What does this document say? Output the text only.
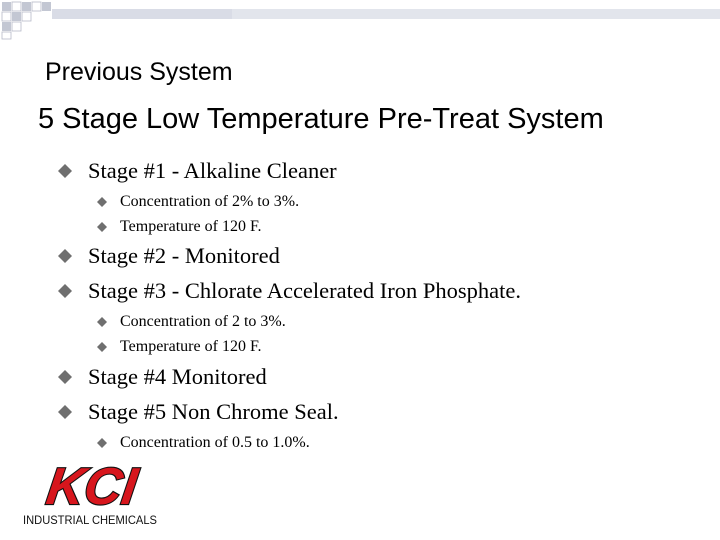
Previous System
5 Stage Low Temperature Pre-Treat System
Stage #1 - Alkaline Cleaner
Concentration of 2% to 3%.
Temperature of 120 F.
Stage #2 - Monitored
Stage #3 - Chlorate Accelerated Iron Phosphate.
Concentration of 2 to 3%.
Temperature of 120 F.
Stage #4 Monitored
Stage #5 Non Chrome Seal.
Concentration of 0.5 to 1.0%.
KCI
INDUSTRIAL CHEMICALS
